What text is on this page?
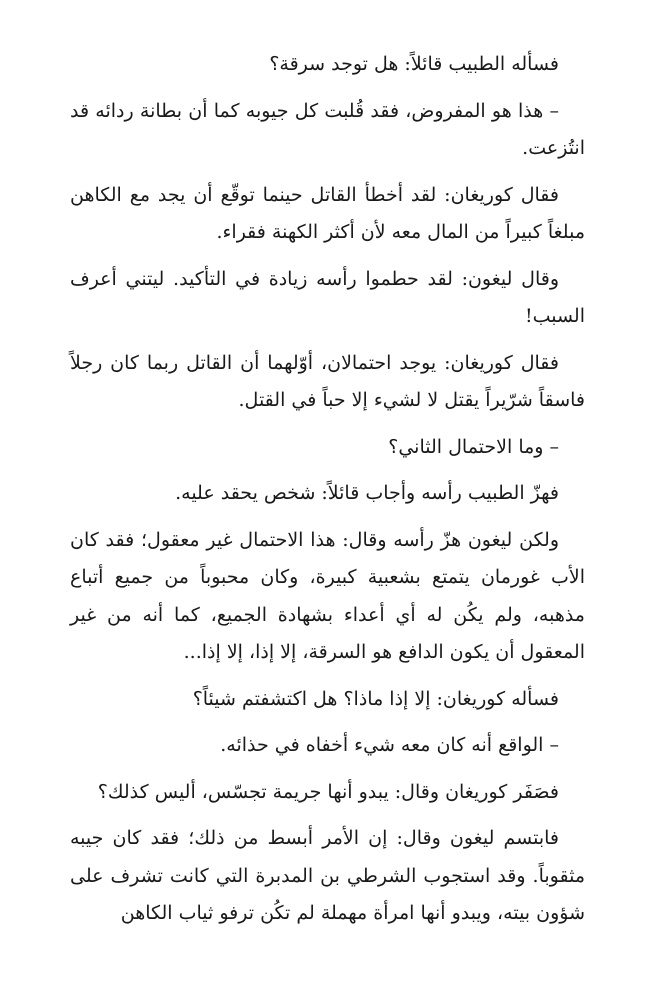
فسأله الطبيب قائلاً: هل توجد سرقة؟

– هذا هو المفروض، فقد قُلبت كل جيوبه كما أن بطانة ردائه قد انتُزعت.

فقال كوريغان: لقد أخطأ القاتل حينما توقّع أن يجد مع الكاهن مبلغاً كبيراً من المال معه لأن أكثر الكهنة فقراء.

وقال ليغون: لقد حطموا رأسه زيادة في التأكيد. ليتني أعرف السبب!

فقال كوريغان: يوجد احتمالان، أوّلهما أن القاتل ربما كان رجلاً فاسقاً شرّيراً يقتل لا لشيء إلا حباً في القتل.

– وما الاحتمال الثاني؟

فهزّ الطبيب رأسه وأجاب قائلاً: شخص يحقد عليه.

ولكن ليغون هزّ رأسه وقال: هذا الاحتمال غير معقول؛ فقد كان الأب غورمان يتمتع بشعبية كبيرة، وكان محبوباً من جميع أتباع مذهبه، ولم يكُن له أي أعداء بشهادة الجميع، كما أنه من غير المعقول أن يكون الدافع هو السرقة، إلا إذا، إلا إذا...

فسأله كوريغان: إلا إذا ماذا؟ هل اكتشفتم شيئاً؟

– الواقع أنه كان معه شيء أخفاه في حذائه.

فصَفَر كوريغان وقال: يبدو أنها جريمة تجسّس، أليس كذلك؟

فابتسم ليغون وقال: إن الأمر أبسط من ذلك؛ فقد كان جيبه مثقوباً. وقد استجوب الشرطي بن المدبرة التي كانت تشرف على شؤون بيته، ويبدو أنها امرأة مهملة لم تكُن ترفو ثياب الكاهن
